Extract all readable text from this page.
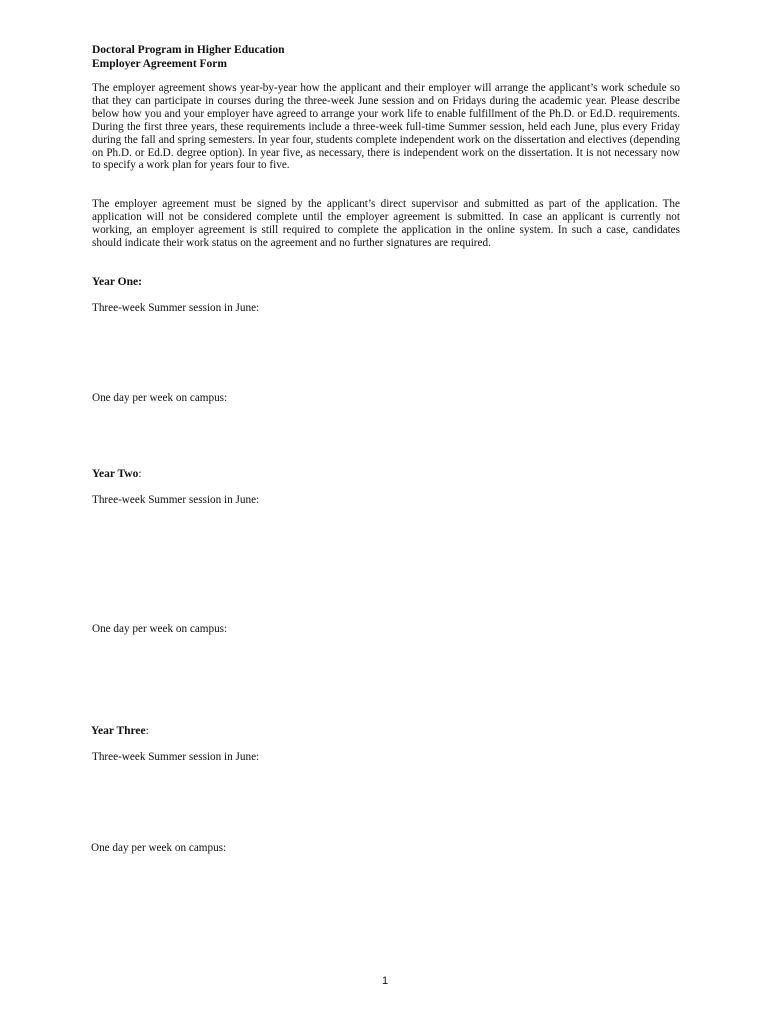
Doctoral Program in Higher Education
Employer Agreement Form

The employer agreement shows year-by-year how the applicant and their employer will arrange the applicant’s work schedule so that they can participate in courses during the three-week June session and on Fridays during the academic year. Please describe below how you and your employer have agreed to arrange your work life to enable fulfillment of the Ph.D. or Ed.D. requirements. During the first three years, these requirements include a three-week full-time Summer session, held each June, plus every Friday during the fall and spring semesters. In year four, students complete independent work on the dissertation and electives (depending on Ph.D. or Ed.D. degree option). In year five, as necessary, there is independent work on the dissertation. It is not necessary now to specify a work plan for years four to five.

The employer agreement must be signed by the applicant’s direct supervisor and submitted as part of the application. The application will not be considered complete until the employer agreement is submitted. In case an applicant is currently not working, an employer agreement is still required to complete the application in the online system. In such a case, candidates should indicate their work status on the agreement and no further signatures are required.

Year One:
Three-week Summer session in June:
One day per week on campus:
Year Two:
Three-week Summer session in June:
One day per week on campus:
Year Three:
Three-week Summer session in June:
One day per week on campus:
1
